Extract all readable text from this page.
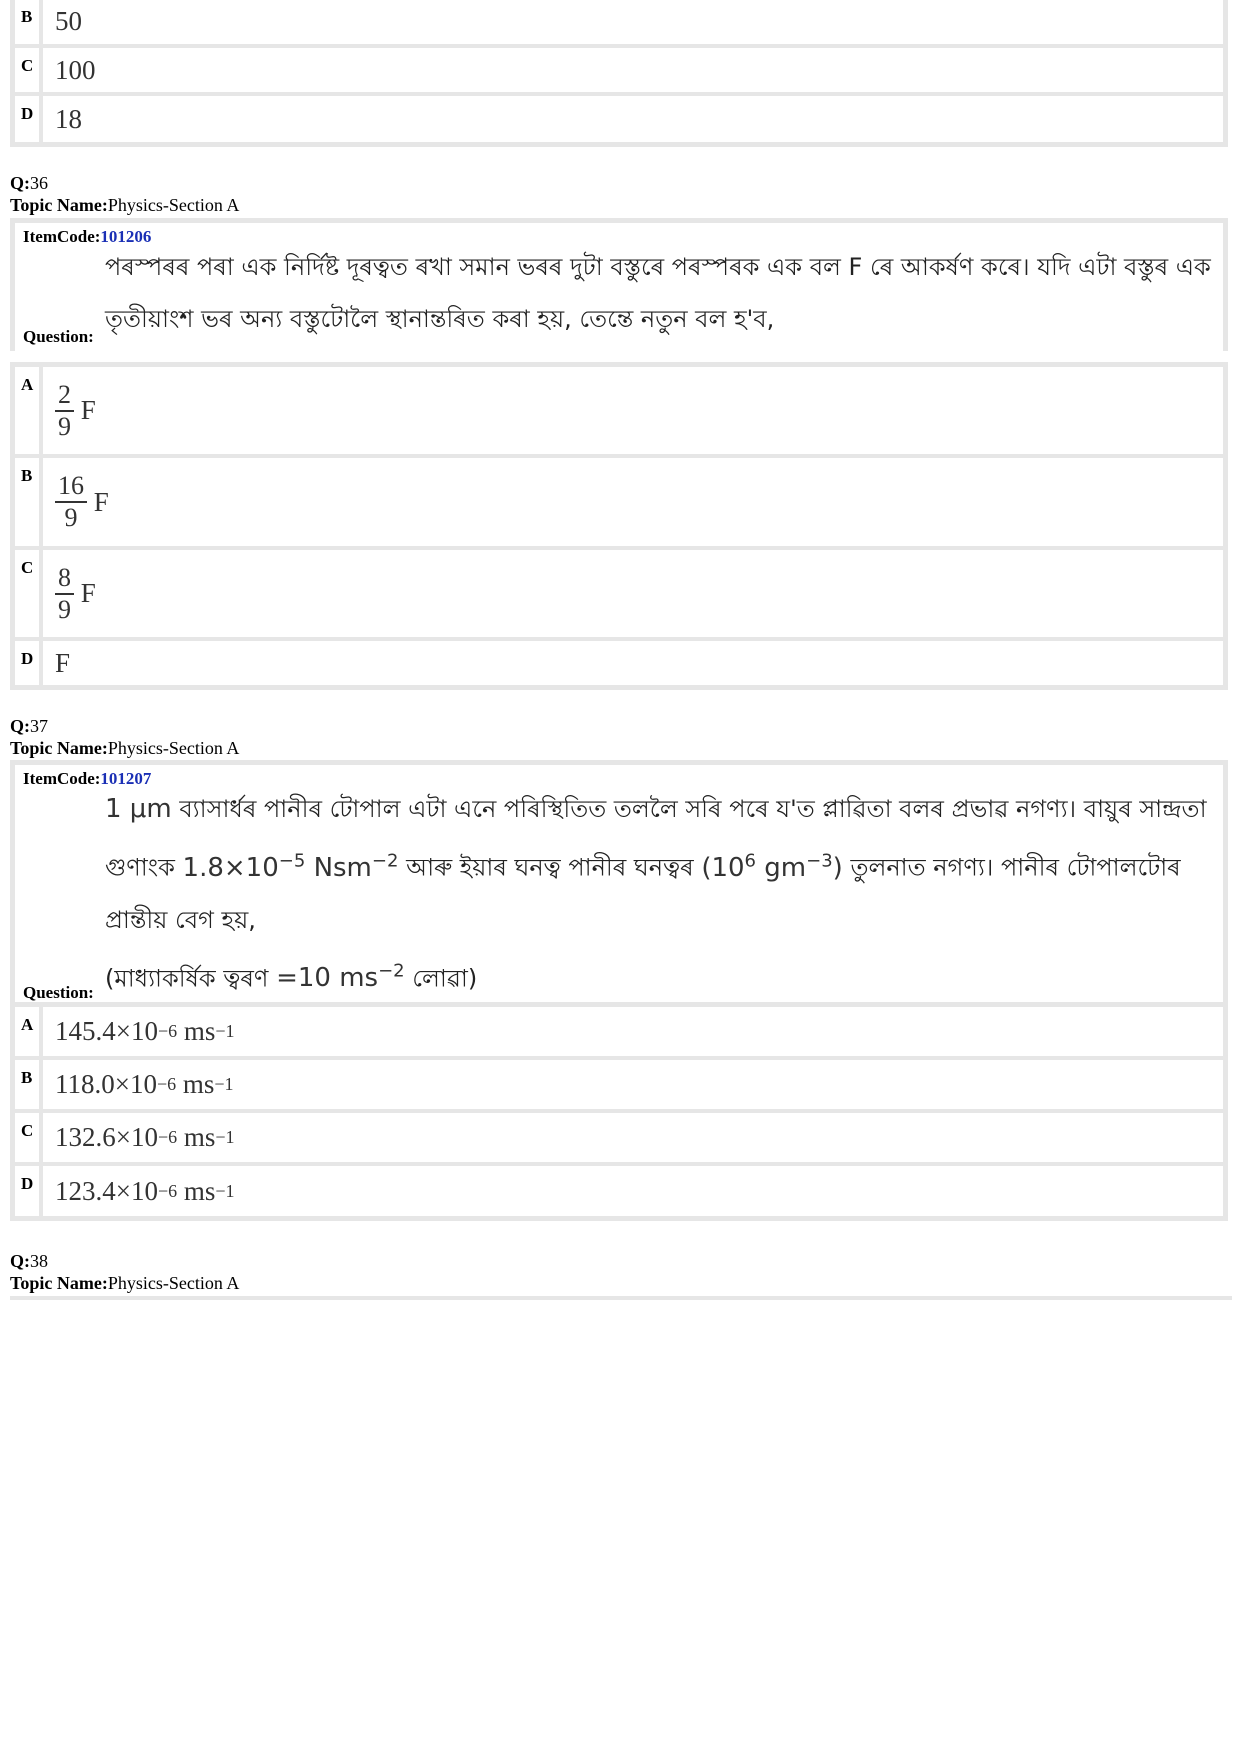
B 50
C 100
D 18
Q:36
Topic Name:Physics-Section A
ItemCode:101206
পৰস্পৰৰ পৰা এক নিৰ্দিষ্ট দূৰত্বত ৰখা সমান ভৰৰ দুটা বস্তুৰে পৰস্পৰক এক বল F ৰে আকৰ্ষণ কৰে। যদি এটা বস্তুৰ এক
তৃতীয়াংশ ভৰ অন্য বস্তুটোলৈ স্থানান্তৰিত কৰা হয়, তেন্তে নতুন বল হ'ব,
Question:
A $\frac{2}{9}$
F
B $\frac{16}{9}$
F
C $\frac{8}{9}$
F
D F
Q:37
Topic Name:Physics-Section A
ItemCode:101207
1 μm ব্যাসাৰ্ধৰ পানীৰ টোপাল এটা এনে পৰিস্থিতিত তললৈ সৰি পৰে য'ত প্লাৱিতা বলৰ প্ৰভাৱ নগণ্য। বায়ুৰ সান্দ্ৰতা
গুণাংক $1.8\times 10^{-5}$ Nsm$^{-2}$ আৰু ইয়াৰ ঘনত্ব পানীৰ ঘনত্বৰ ($10^6$ $gm^{-3}$) তুলনাত নগণ্য। পানীৰ টোপালটোৰ
প্ৰান্তীয় বেগ হয়,
(মাধ্যাকৰ্ষিক ত্বৰণ =10 $ms^{-2}$ লোৱা)
Question:
A 145.4×10 −6
ms −1
B 118.0×10 −6
ms −1
C 132.6×10 −6
ms −1
D 123.4×10 −6
ms −1
Q:38
Topic Name:Physics-Section A
